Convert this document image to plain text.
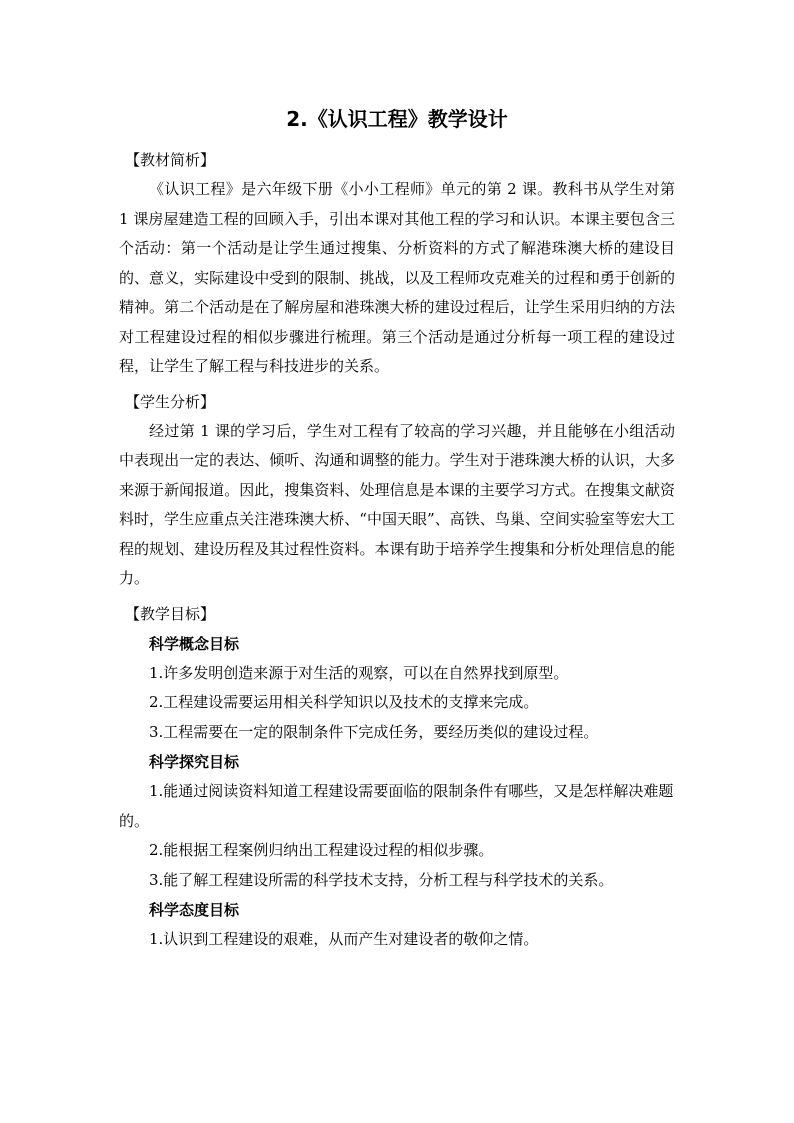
2.《认识工程》教学设计

【教材简析】

《认识工程》是六年级下册《小小工程师》单元的第 2 课。教科书从学生对第 1 课房屋建造工程的回顾入手，引出本课对其他工程的学习和认识。本课主要包含三个活动：第一个活动是让学生通过搜集、分析资料的方式了解港珠澳大桥的建设目的、意义，实际建设中受到的限制、挑战，以及工程师攻克难关的过程和勇于创新的精神。第二个活动是在了解房屋和港珠澳大桥的建设过程后，让学生采用归纳的方法对工程建设过程的相似步骤进行梳理。第三个活动是通过分析每一项工程的建设过程，让学生了解工程与科技进步的关系。

【学生分析】

经过第 1 课的学习后，学生对工程有了较高的学习兴趣，并且能够在小组活动中表现出一定的表达、倾听、沟通和调整的能力。学生对于港珠澳大桥的认识，大多来源于新闻报道。因此，搜集资料、处理信息是本课的主要学习方式。在搜集文献资料时，学生应重点关注港珠澳大桥、“中国天眼”、高铁、鸟巢、空间实验室等宏大工程的规划、建设历程及其过程性资料。本课有助于培养学生搜集和分析处理信息的能力。

【教学目标】

科学概念目标

1.许多发明创造来源于对生活的观察，可以在自然界找到原型。

2.工程建设需要运用相关科学知识以及技术的支撑来完成。

3.工程需要在一定的限制条件下完成任务，要经历类似的建设过程。

科学探究目标

1.能通过阅读资料知道工程建设需要面临的限制条件有哪些，又是怎样解决难题的。

2.能根据工程案例归纳出工程建设过程的相似步骤。

3.能了解工程建设所需的科学技术支持，分析工程与科学技术的关系。

科学态度目标

1.认识到工程建设的艰难，从而产生对建设者的敬仰之情。
